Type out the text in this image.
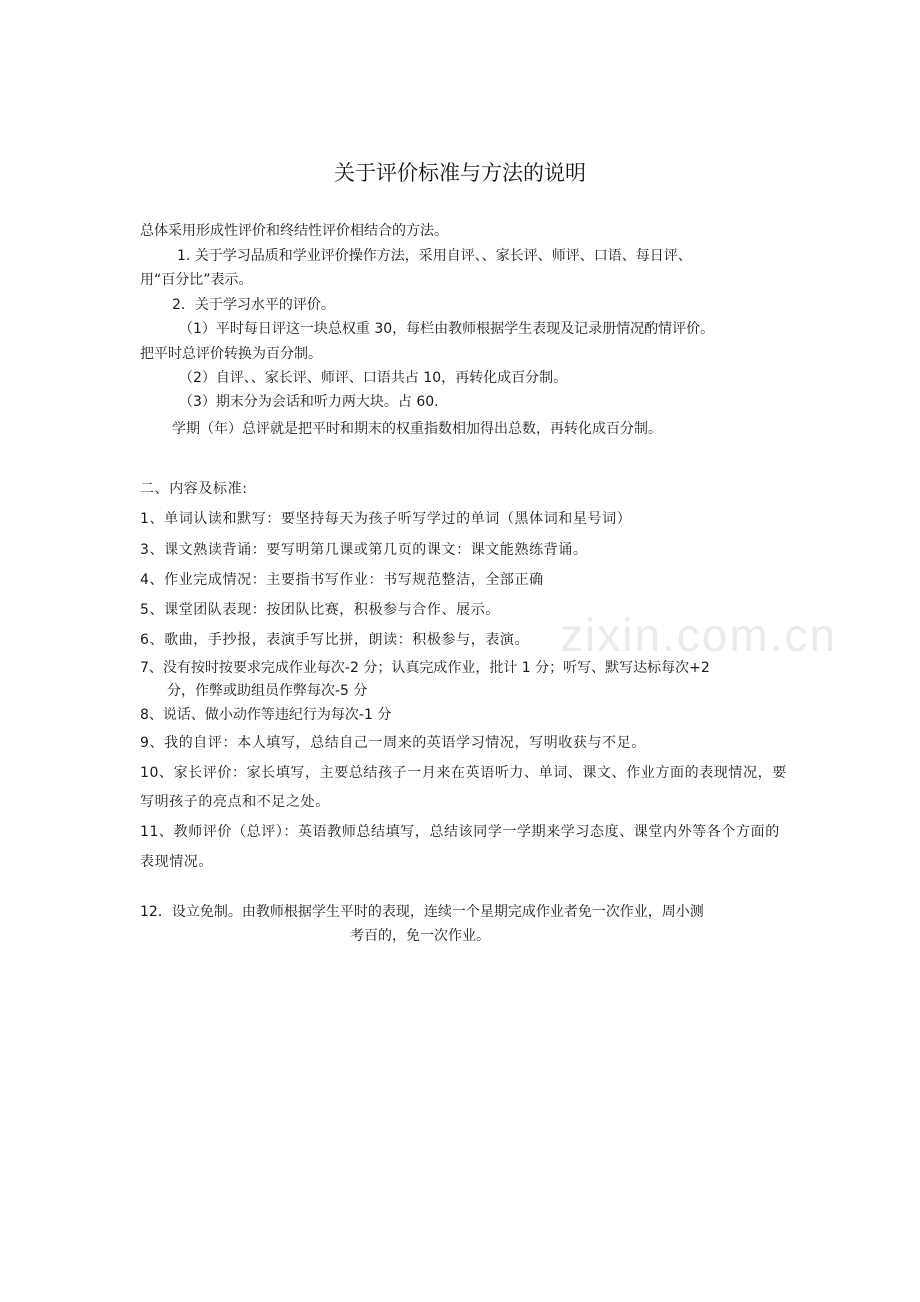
关于评价标准与方法的说明
总体采用形成性评价和终结性评价相结合的方法。
1. 关于学习品质和学业评价操作方法，采用自评、、家长评、师评、口语、每日评、
用“百分比”表示。
2．关于学习水平的评价。
（1）平时每日评这一块总权重 30，每栏由教师根据学生表现及记录册情况酌情评价。
把平时总评价转换为百分制。
（2）自评、、家长评、师评、口语共占 10，再转化成百分制。
（3）期末分为会话和听力两大块。占 60.
学期（年）总评就是把平时和期末的权重指数相加得出总数，再转化成百分制。
二、内容及标准:
1、单词认读和默写：要坚持每天为孩子听写学过的单词（黑体词和星号词）
3、课文熟读背诵：要写明第几课或第几页的课文：课文能熟练背诵。
4、作业完成情况：主要指书写作业：书写规范整洁，全部正确
5、课堂团队表现：按团队比赛，积极参与合作、展示。
6、歌曲，手抄报，表演手写比拼，朗读：积极参与，表演。
7、没有按时按要求完成作业每次-2 分；认真完成作业，批计 1 分；听写、默写达标每次+2
分，作弊或助组员作弊每次-5 分
8、说话、做小动作等违纪行为每次-1 分
9、我的自评：本人填写，总结自己一周来的英语学习情况，写明收获与不足。
10、家长评价：家长填写，主要总结孩子一月来在英语听力、单词、课文、作业方面的表现情况，要
写明孩子的亮点和不足之处。
11、教师评价（总评）：英语教师总结填写，总结该同学一学期来学习态度、课堂内外等各个方面的
表现情况。
12．设立免制。由教师根据学生平时的表现，连续一个星期完成作业者免一次作业，周小测
考百的，免一次作业。
zixin.com.cn
